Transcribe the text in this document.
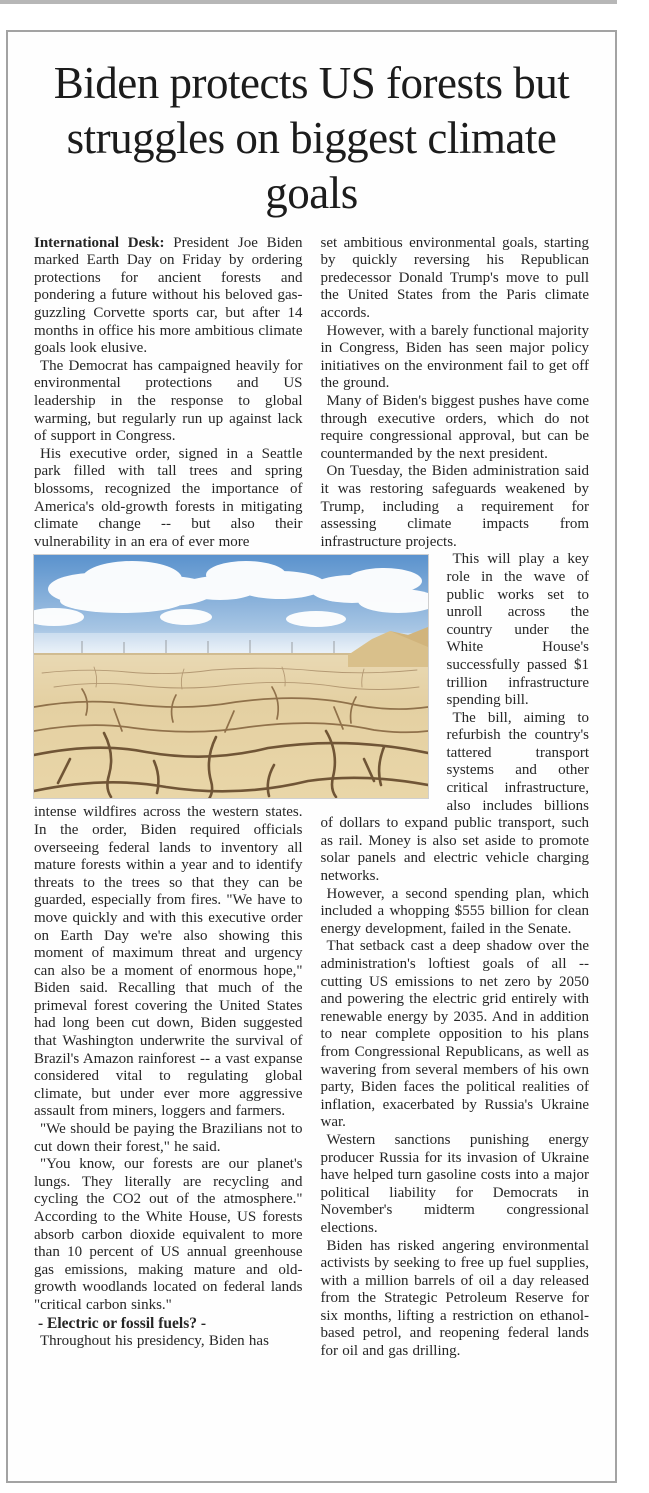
Biden protects US forests but struggles on biggest climate goals

International Desk: President Joe Biden marked Earth Day on Friday by ordering protections for ancient forests and pondering a future without his beloved gas-guzzling Corvette sports car, but after 14 months in office his more ambitious climate goals look elusive.

The Democrat has campaigned heavily for environmental protections and US leadership in the response to global warming, but regularly run up against lack of support in Congress.

His executive order, signed in a Seattle park filled with tall trees and spring blossoms, recognized the importance of America's old-growth forests in mitigating climate change -- but also their vulnerability in an era of ever more

intense wildfires across the western states. In the order, Biden required officials overseeing federal lands to inventory all mature forests within a year and to identify threats to the trees so that they can be guarded, especially from fires. "We have to move quickly and with this executive order on Earth Day we're also showing this moment of maximum threat and urgency can also be a moment of enormous hope," Biden said. Recalling that much of the primeval forest covering the United States had long been cut down, Biden suggested that Washington underwrite the survival of Brazil's Amazon rainforest -- a vast expanse considered vital to regulating global climate, but under ever more aggressive assault from miners, loggers and farmers.

"We should be paying the Brazilians not to cut down their forest," he said.

"You know, our forests are our planet's lungs. They literally are recycling and cycling the CO2 out of the atmosphere." According to the White House, US forests absorb carbon dioxide equivalent to more than 10 percent of US annual greenhouse gas emissions, making mature and old-growth woodlands located on federal lands "critical carbon sinks."

- Electric or fossil fuels? -

Throughout his presidency, Biden has

set ambitious environmental goals, starting by quickly reversing his Republican predecessor Donald Trump's move to pull the United States from the Paris climate accords.

However, with a barely functional majority in Congress, Biden has seen major policy initiatives on the environment fail to get off the ground.

Many of Biden's biggest pushes have come through executive orders, which do not require congressional approval, but can be countermanded by the next president.

On Tuesday, the Biden administration said it was restoring safeguards weakened by Trump, including a requirement for assessing climate impacts from infrastructure projects.

This will play a key role in the wave of public works set to unroll across the country under the White House's successfully passed $1 trillion infrastructure spending bill.

The bill, aiming to refurbish the country's tattered transport systems and other critical infrastructure, also includes billions of dollars to expand public transport, such as rail. Money is also set aside to promote solar panels and electric vehicle charging networks.

However, a second spending plan, which included a whopping $555 billion for clean energy development, failed in the Senate.

That setback cast a deep shadow over the administration's loftiest goals of all -- cutting US emissions to net zero by 2050 and powering the electric grid entirely with renewable energy by 2035. And in addition to near complete opposition to his plans from Congressional Republicans, as well as wavering from several members of his own party, Biden faces the political realities of inflation, exacerbated by Russia's Ukraine war.

Western sanctions punishing energy producer Russia for its invasion of Ukraine have helped turn gasoline costs into a major political liability for Democrats in November's midterm congressional elections.

Biden has risked angering environmental activists by seeking to free up fuel supplies, with a million barrels of oil a day released from the Strategic Petroleum Reserve for six months, lifting a restriction on ethanol-based petrol, and reopening federal lands for oil and gas drilling.
